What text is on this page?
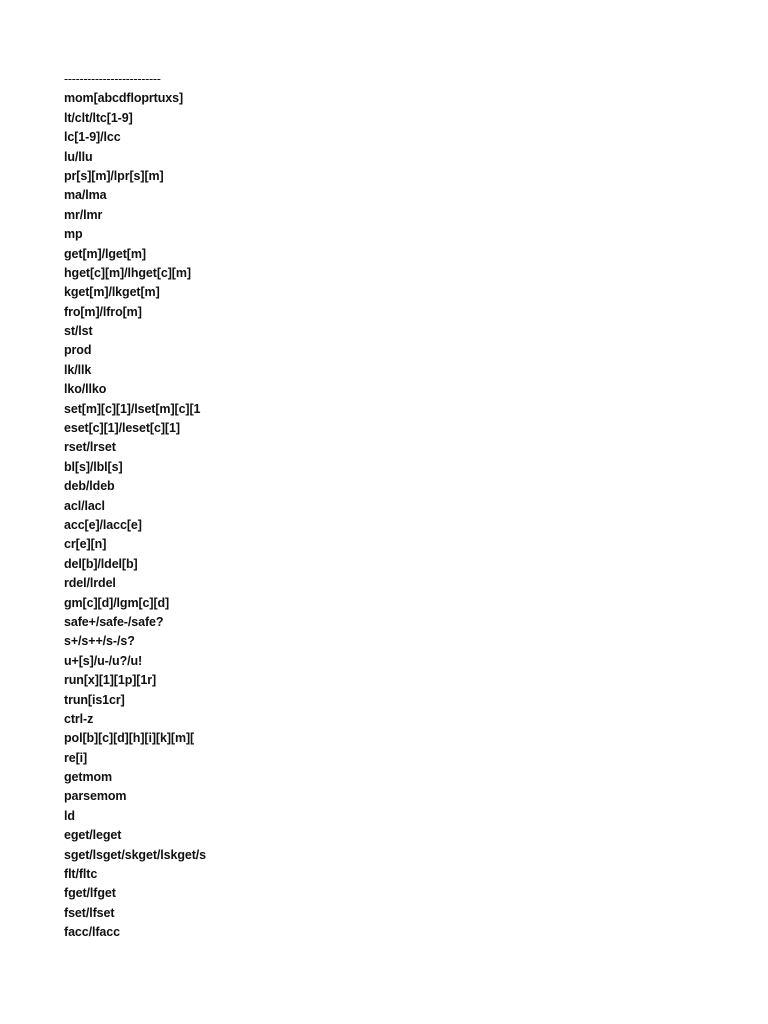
-------------------------
mom[abcdfloprtuxs]
lt/clt/ltc[1-9]
lc[1-9]/lcc
lu/llu
pr[s][m]/lpr[s][m]
ma/lma
mr/lmr
mp
get[m]/lget[m]
hget[c][m]/lhget[c][m]
kget[m]/lkget[m]
fro[m]/lfro[m]
st/lst
prod
lk/llk
lko/llko
set[m][c][1]/lset[m][c][1
eset[c][1]/leset[c][1]
rset/lrset
bl[s]/lbl[s]
deb/ldeb
acl/lacl
acc[e]/lacc[e]
cr[e][n]
del[b]/ldel[b]
rdel/lrdel
gm[c][d]/lgm[c][d]
safe+/safe-/safe?
s+/s++/s-/s?
u+[s]/u-/u?/u!
run[x][1][1p][1r]
trun[is1cr]
ctrl-z
pol[b][c][d][h][i][k][m][
re[i]
getmom
parsemom
ld
eget/leget
sget/lsget/skget/lskget/s
flt/fltc
fget/lfget
fset/lfset
facc/lfacc
